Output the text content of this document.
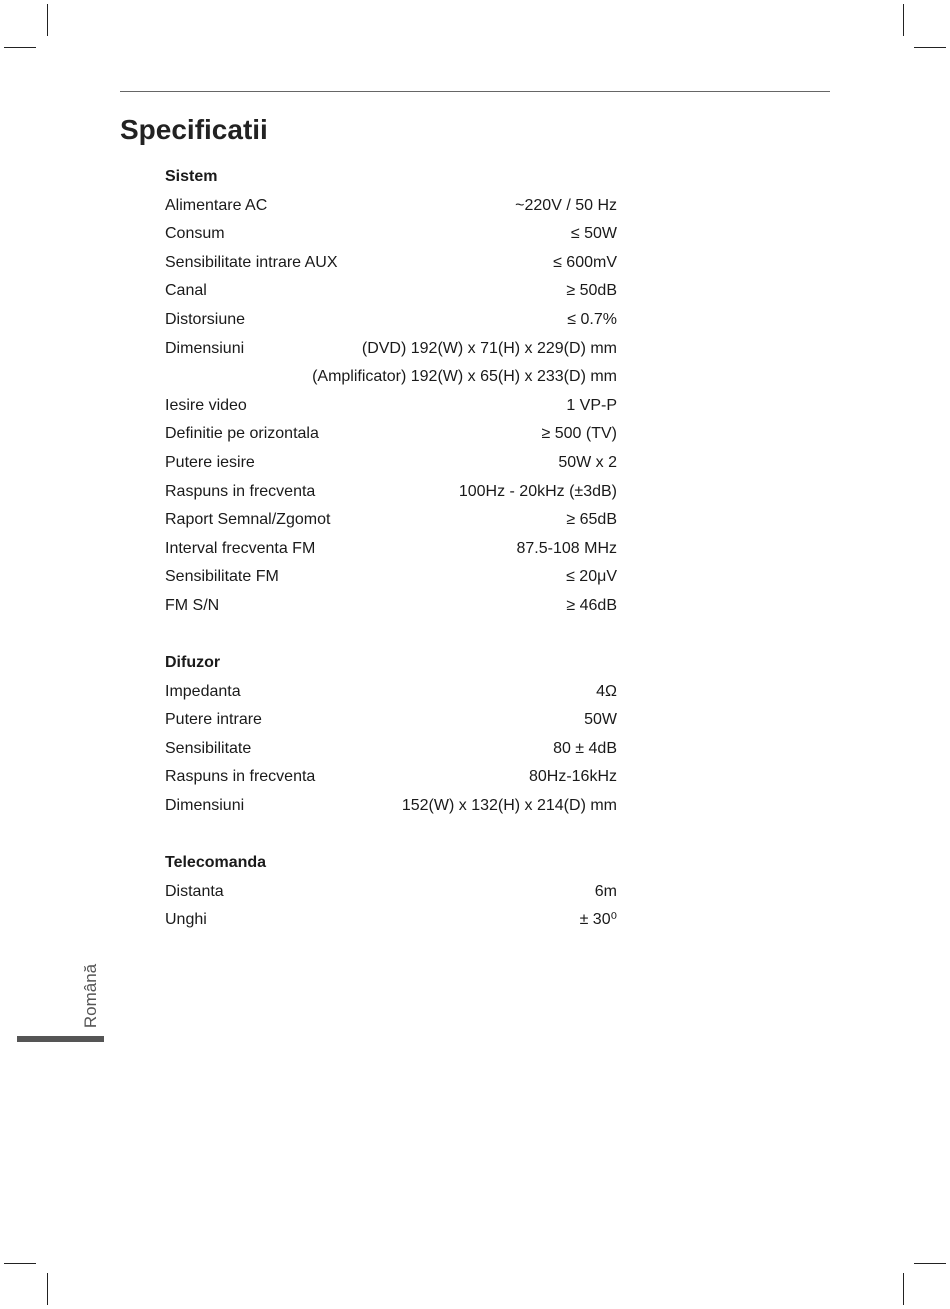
Specificatii
Sistem
Alimentare AC	~220V / 50 Hz
Consum	≤ 50W
Sensibilitate intrare AUX	≤ 600mV
Canal	≥ 50dB
Distorsiune	≤ 0.7%
Dimensiuni	(DVD) 192(W) x 71(H) x 229(D) mm
(Amplificator) 192(W) x 65(H) x 233(D) mm
Iesire video	1 VP-P
Definitie pe orizontala	≥ 500 (TV)
Putere iesire	50W x 2
Raspuns in frecventa	100Hz - 20kHz (±3dB)
Raport Semnal/Zgomot	≥ 65dB
Interval frecventa FM	87.5-108 MHz
Sensibilitate FM	≤ 20μV
FM S/N	≥ 46dB
Difuzor
Impedanta	4Ω
Putere intrare	50W
Sensibilitate	80 ± 4dB
Raspuns in frecventa	80Hz-16kHz
Dimensiuni	152(W) x 132(H) x 214(D) mm
Telecomanda
Distanta	6m
Unghi	± 30⁰
Română
